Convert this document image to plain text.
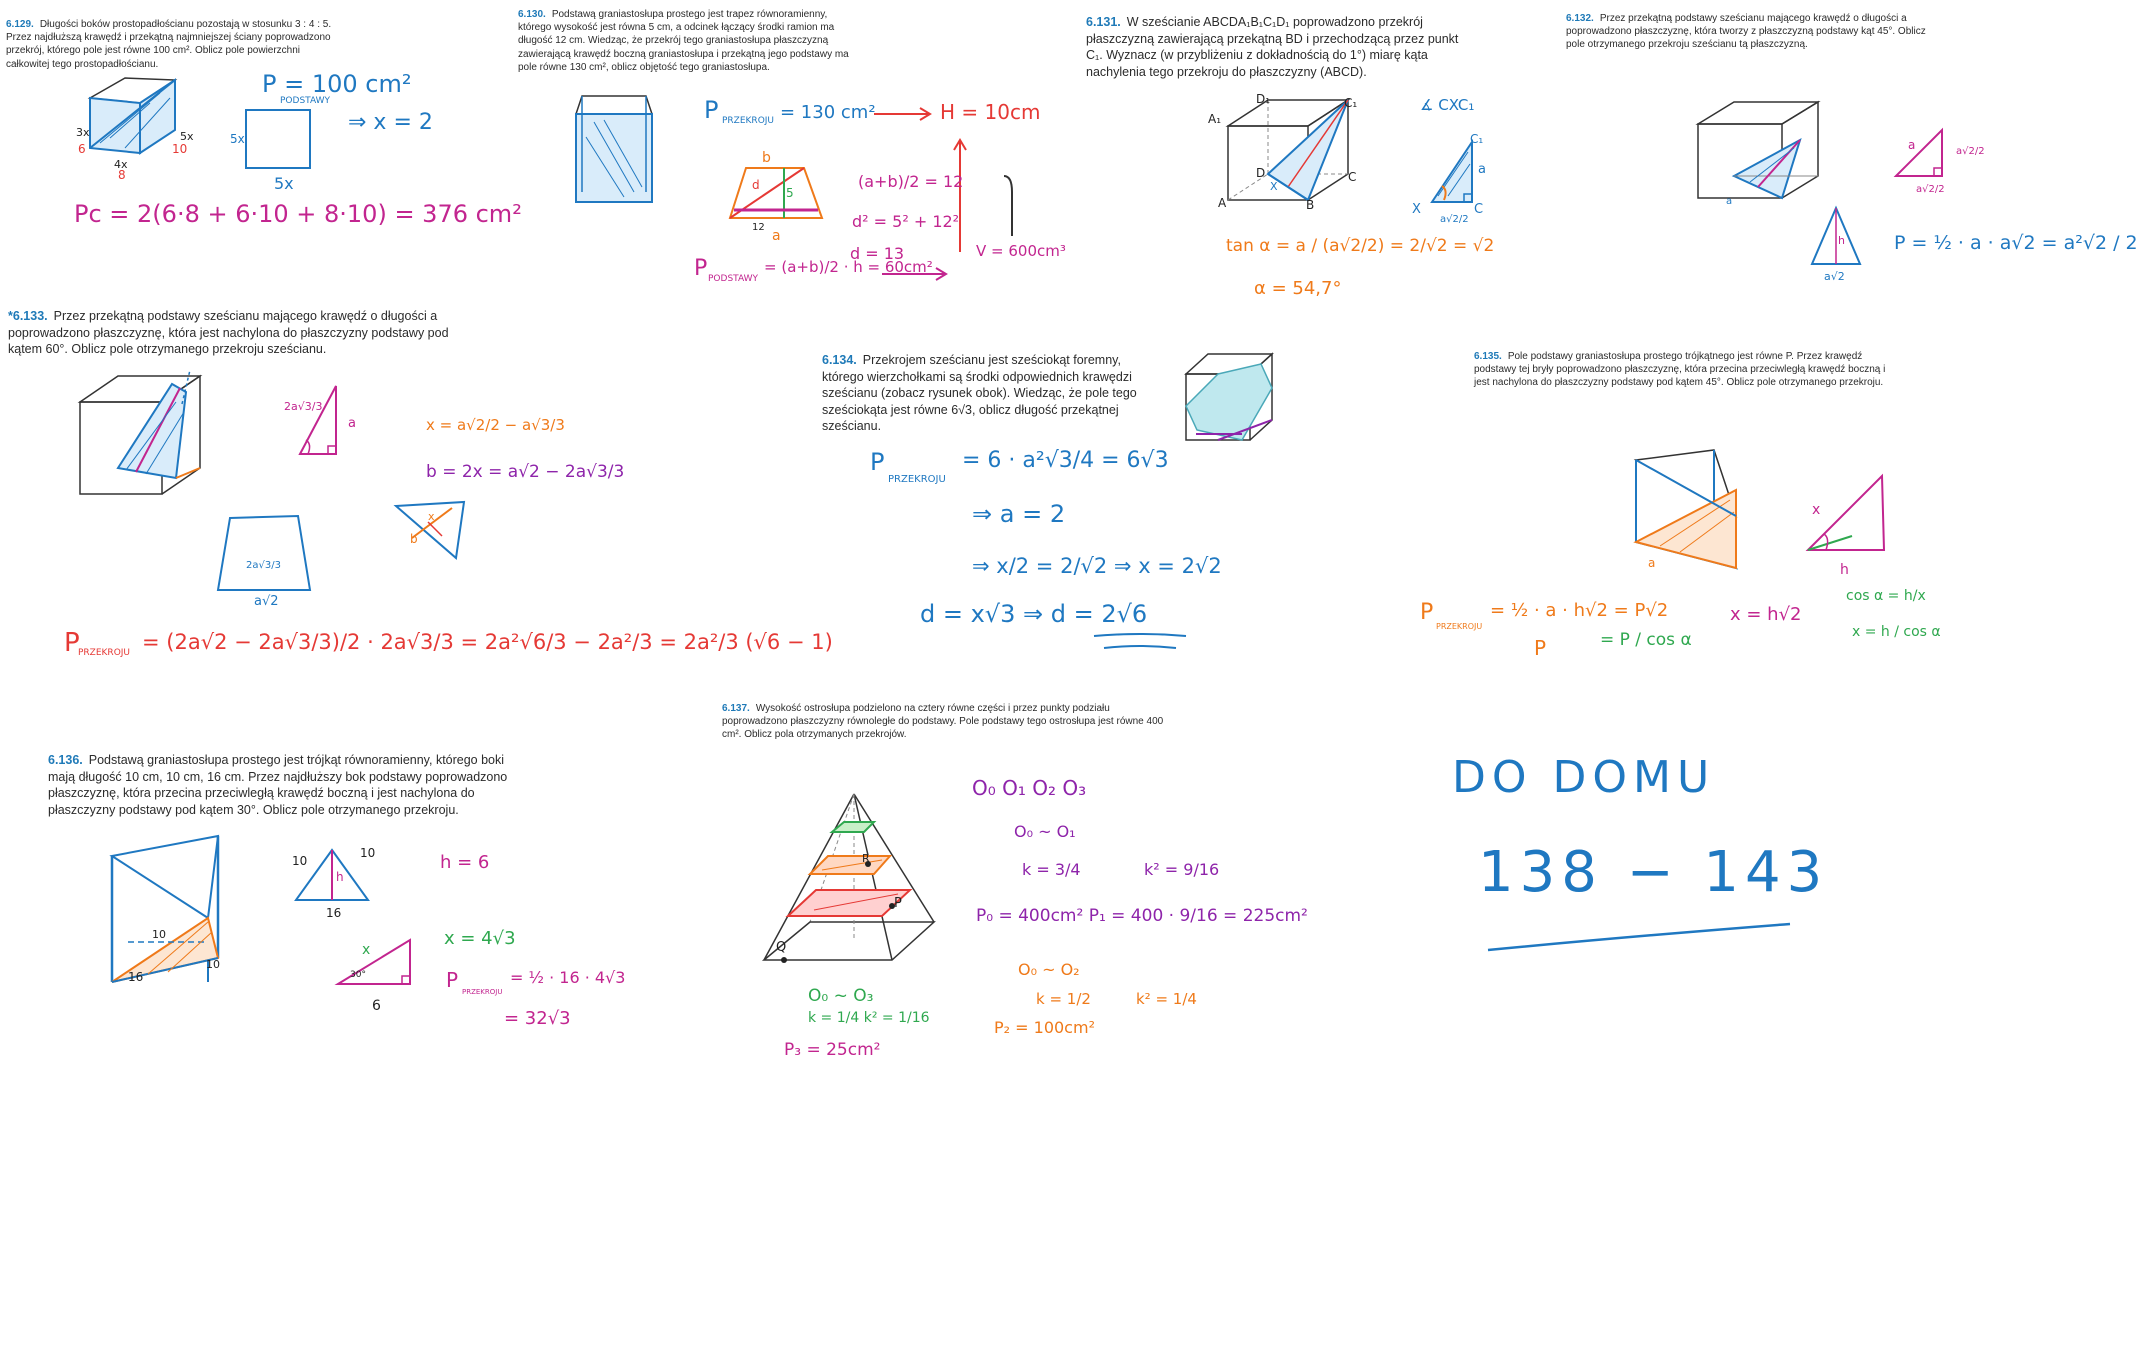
6.129. Długości boków prostopadłościanu pozostają w stosunku 3 : 4 : 5. Przez najdłuższą krawędź i przekątną najmniejszej ściany poprowadzono przekrój, którego pole jest równe 100 cm². Oblicz pole powierzchni całkowitej tego prostopadłościanu.
6.130. Podstawą graniastosłupa prostego jest trapez równoramienny, którego wysokość jest równa 5 cm, a odcinek łączący środki ramion ma długość 12 cm. Wiedząc, że przekrój tego graniastosłupa płaszczyzną zawierającą krawędź boczną graniastosłupa i przekątną jego podstawy ma pole równe 130 cm², oblicz objętość tego graniastosłupa.
6.131. W sześcianie ABCDA₁B₁C₁D₁ poprowadzono przekrój płaszczyzną zawierającą przekątną BD i przechodzącą przez punkt C₁. Wyznacz (w przybliżeniu z dokładnością do 1°) miarę kąta nachylenia tego przekroju do płaszczyzny (ABCD).
6.132. Przez przekątną podstawy sześcianu mającego krawędź o długości a poprowadzono płaszczyznę, która tworzy z płaszczyzną podstawy kąt 45°. Oblicz pole otrzymanego przekroju sześcianu tą płaszczyzną.
*6.133. Przez przekątną podstawy sześcianu mającego krawędź o długości a poprowadzono płaszczyznę, która jest nachylona do płaszczyzny podstawy pod kątem 60°. Oblicz pole otrzymanego przekroju sześcianu.
6.134. Przekrojem sześcianu jest sześciokąt foremny, którego wierzchołkami są środki odpowiednich krawędzi sześcianu (zobacz rysunek obok). Wiedząc, że pole tego sześciokąta jest równe 6√3, oblicz długość przekątnej sześcianu.
6.135. Pole podstawy graniastosłupa prostego trójkątnego jest równe P. Przez krawędź podstawy tej bryły poprowadzono płaszczyznę, która przecina przeciwległą krawędź boczną i jest nachylona do płaszczyzny podstawy pod kątem 45°. Oblicz pole otrzymanego przekroju.
6.136. Podstawą graniastosłupa prostego jest trójkąt równoramienny, którego boki mają długość 10 cm, 10 cm, 16 cm. Przez najdłuższy bok podstawy poprowadzono płaszczyznę, która przecina przeciwległą krawędź boczną i jest nachylona do płaszczyzny podstawy pod kątem 30°. Oblicz pole otrzymanego przekroju.
6.137. Wysokość ostrosłupa podzielono na cztery równe części i przez punkty podziału poprowadzono płaszczyzny równoległe do podstawy. Pole podstawy tego ostrosłupa jest równe 400 cm². Oblicz pola otrzymanych przekrojów.
3x
6
4x
8
5x
10
P = 100 cm²
PODSTAWY
5x
5x
⇒ x = 2
Pc = 2(6·8 + 6·10 + 8·10) = 376 cm²
P PRZEKROJU = 130 cm²	H = 10cm
b
d
5
12
a
(a+b)/2 = 12
d² = 5² + 12²
d = 13
P PODSTAWY
= (a+b)/2 · h = 60cm²
V = 600cm³
A₁
D₁	C₁
A	B
C
D
X
∡ CXC₁
C₁
a
X	C
a√2/2
tan α = a / (a√2/2) = 2/√2 = √2
α = 54,7°
a
a	a√2/2
a√2/2
h
a√2
P = ½ · a · a√2 = a²√2 / 2
2a√3/3
a	x = a√2/2 − a√3/3
b = 2x = a√2 − 2a√3/3
2a√3/3
a√2
b
x
P
PRZEKROJU = (2a√2 − 2a√3/3)/2 · 2a√3/3 = 2a²√6/3 − 2a²/3 = 2a²/3 (√6 − 1)
P
PRZEKROJU
= 6 · a²√3/4 = 6√3
⇒ a = 2
⇒ x/2 = 2/√2 ⇒ x = 2√2
d = x√3 ⇒ d = 2√6
a
x
h
P
PRZEKROJU
= ½ · a · h√2 = P√2
P	= P / cos α
x = h√2
cos α = h/x
x = h / cos α
16
10
10
10
10
h
16
h = 6
x
30°
6
x = 4√3
P PRZEKROJU
= ½ · 16 · 4√3
= 32√3
P
Q
R
O₀ O₁ O₂ O₃
O₀ ~ O₁
k = 3/4	k² = 9/16
P₀ = 400cm² P₁ = 400 · 9/16 = 225cm²
O₀ ~ O₂
k = 1/2	k² = 1/4
P₂ = 100cm²
O₀ ~ O₃
k = 1/4 k² = 1/16
P₃ = 25cm²
DO DOMU
138 − 143
